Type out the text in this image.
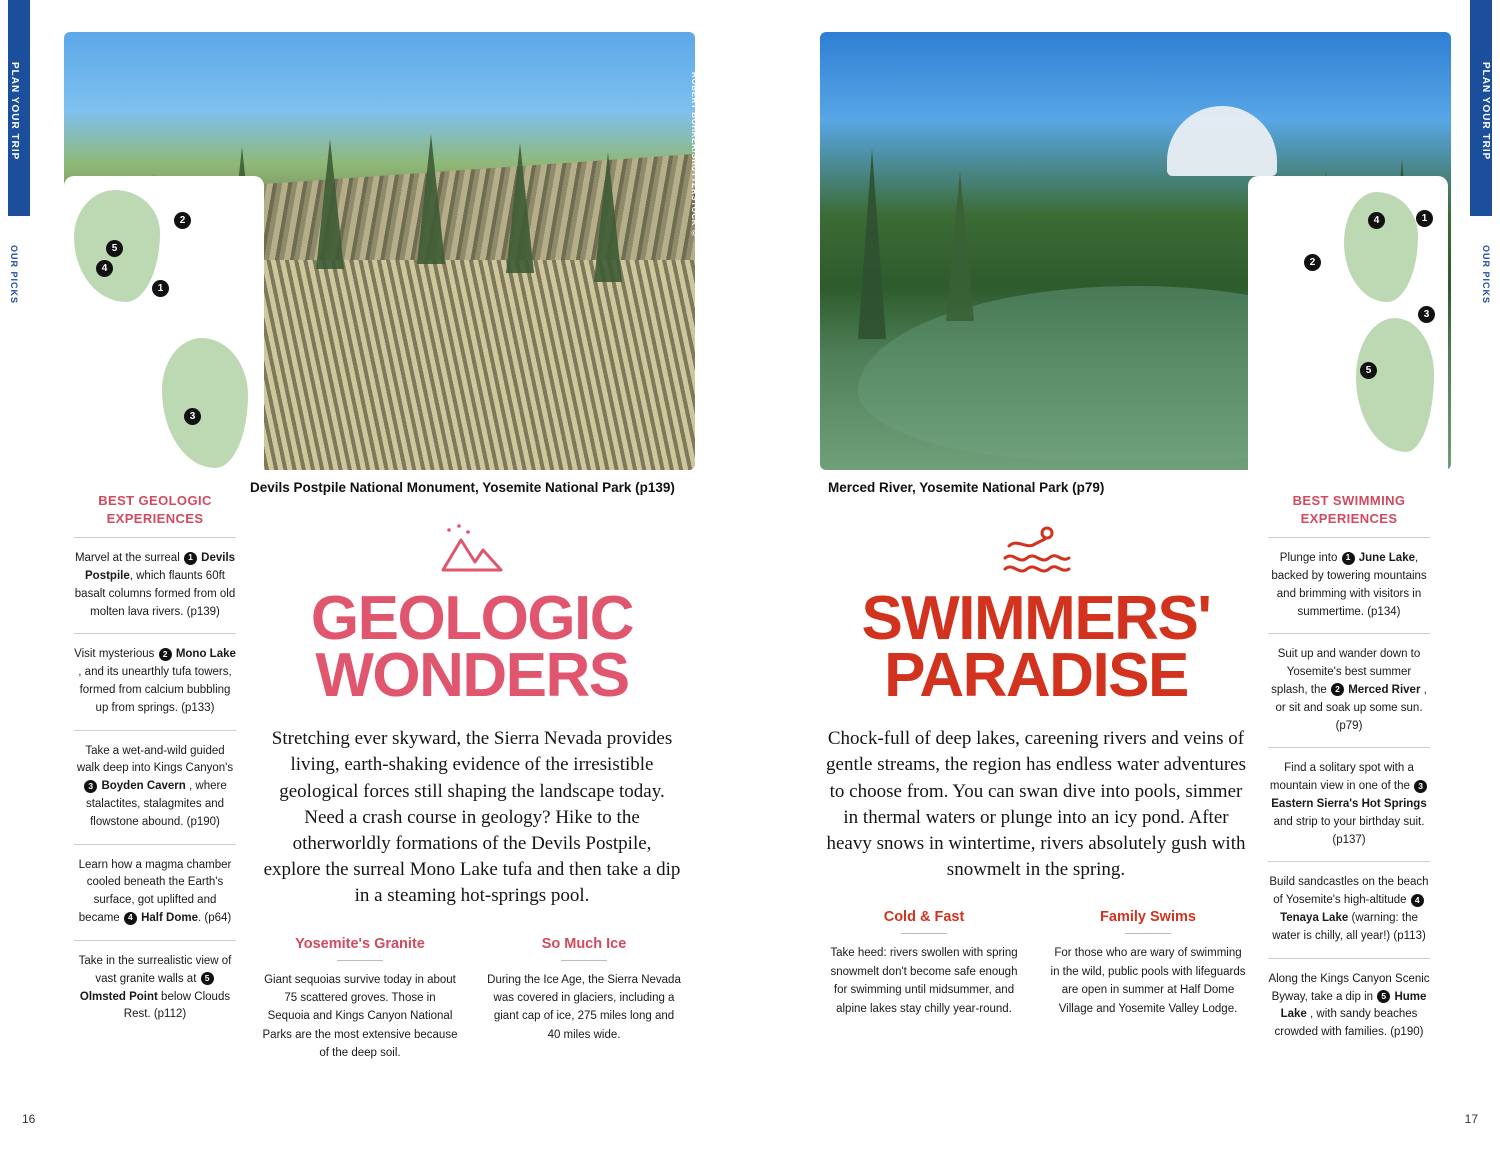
PLAN YOUR TRIP
OUR PICKS
ROBERT BOHRER/SHUTTERSTOCK ©
2
5
4
1
3
Devils Postpile National Monument, Yosemite National Park (p139)
BEST GEOLOGIC EXPERIENCES
Marvel at the surreal 1 Devils Postpile, which flaunts 60ft basalt columns formed from old molten lava rivers. (p139)
Visit mysterious 2 Mono Lake , and its unearthly tufa towers, formed from calcium bubbling up from springs. (p133)
Take a wet-and-wild guided walk deep into Kings Canyon's 3 Boyden Cavern , where stalactites, stalagmites and flowstone abound. (p190)
Learn how a magma chamber cooled beneath the Earth's surface, got uplifted and became 4 Half Dome. (p64)
Take in the surrealistic view of vast granite walls at 5 Olmsted Point below Clouds Rest. (p112)
GEOLOGIC
WONDERS

Stretching ever skyward, the Sierra Nevada provides living, earth-shaking evidence of the irresistible geological forces still shaping the landscape today. Need a crash course in geology? Hike to the otherworldly formations of the Devils Postpile, explore the surreal Mono Lake tufa and then take a dip in a steaming hot-springs pool.

Yosemite's Granite
Giant sequoias survive today in about 75 scattered groves. Those in Sequoia and Kings Canyon National Parks are the most extensive because of the deep soil.
So Much Ice
During the Ice Age, the Sierra Nevada was covered in glaciers, including a giant cap of ice, 275 miles long and 40 miles wide.
16
PLAN YOUR TRIP
OUR PICKS
LORCEL/SHUTTERSTOCK ©
4	1
2
3
5
Merced River, Yosemite National Park (p79)
BEST SWIMMING EXPERIENCES
Plunge into 1 June Lake, backed by towering mountains and brimming with visitors in summertime. (p134)
Suit up and wander down to Yosemite's best summer splash, the 2 Merced River , or sit and soak up some sun. (p79)
Find a solitary spot with a mountain view in one of the 3 Eastern Sierra's Hot Springs and strip to your birthday suit. (p137)
Build sandcastles on the beach of Yosemite's high-altitude 4 Tenaya Lake (warning: the water is chilly, all year!) (p113)
Along the Kings Canyon Scenic Byway, take a dip in 5 Hume Lake , with sandy beaches crowded with families. (p190)
SWIMMERS'
PARADISE

Chock-full of deep lakes, careening rivers and veins of gentle streams, the region has endless water adventures to choose from. You can swan dive into pools, simmer in thermal waters or plunge into an icy pond. After heavy snows in wintertime, rivers absolutely gush with snowmelt in the spring.

Cold & Fast
Take heed: rivers swollen with spring snowmelt don't become safe enough for swimming until midsummer, and alpine lakes stay chilly year-round.
Family Swims
For those who are wary of swimming in the wild, public pools with lifeguards are open in summer at Half Dome Village and Yosemite Valley Lodge.
17
